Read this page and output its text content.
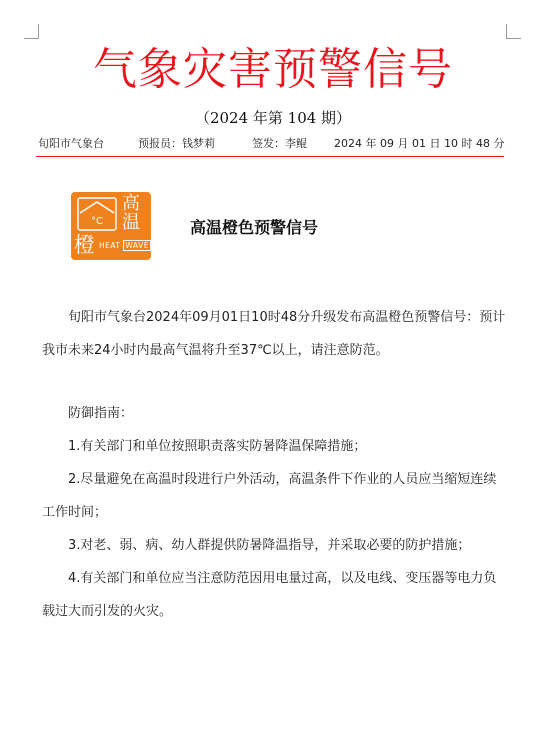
气象灾害预警信号
（2024 年第 104 期）
旬阳市气象台	预报员：钱梦莉	签发：李鲲 2024 年 09 月 01 日 10 时 48 分
°C
高
温
橙 HEAT WAVE
高温橙色预警信号
旬阳市气象台2024年09月01日10时48分升级发布高温橙色预警信号：预计我市未来24小时内最高气温将升至37℃以上，请注意防范。
防御指南：
1.有关部门和单位按照职责落实防暑降温保障措施；
2.尽量避免在高温时段进行户外活动，高温条件下作业的人员应当缩短连续工作时间；
3.对老、弱、病、幼人群提供防暑降温指导，并采取必要的防护措施；
4.有关部门和单位应当注意防范因用电量过高，以及电线、变压器等电力负载过大而引发的火灾。
